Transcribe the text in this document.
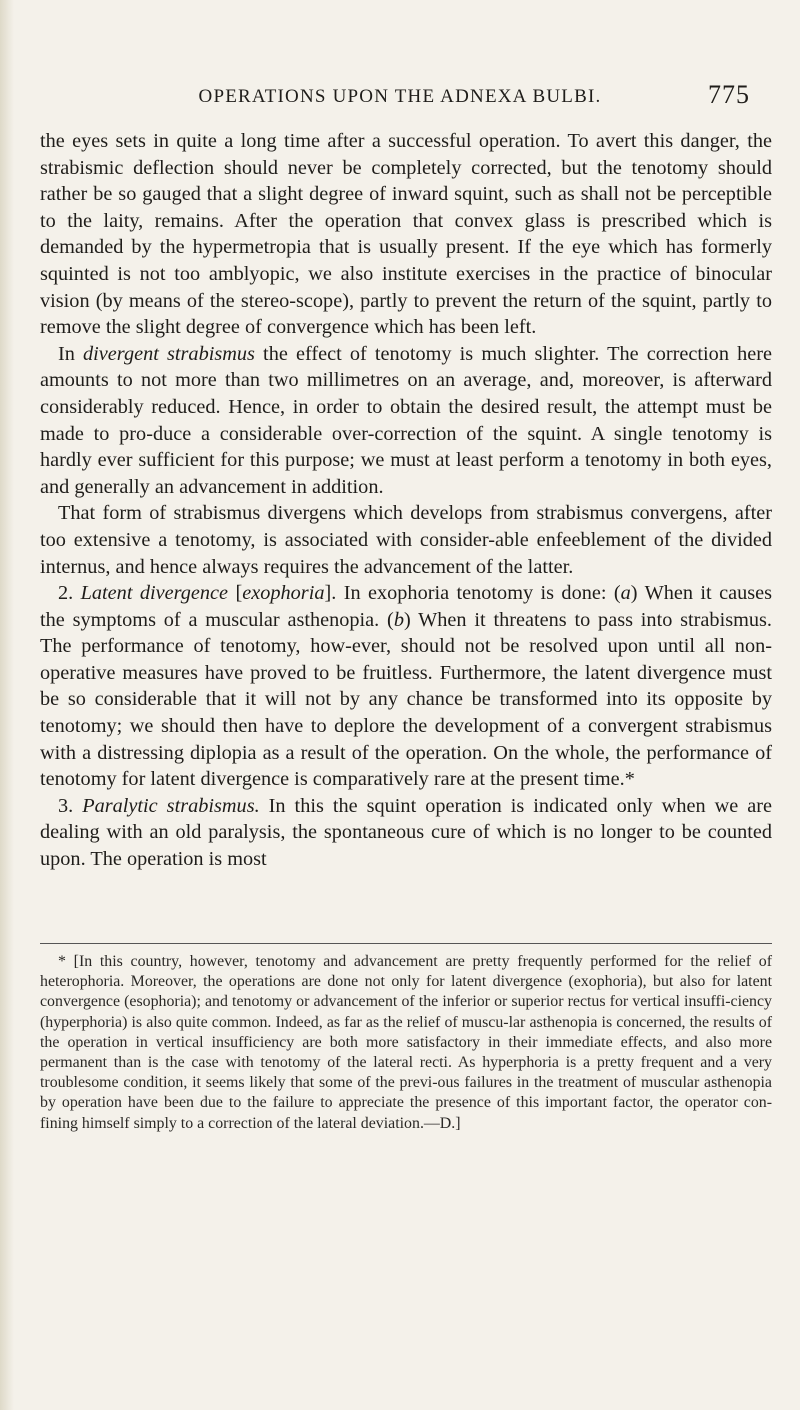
OPERATIONS UPON THE ADNEXA BULBI.	775

the eyes sets in quite a long time after a successful operation. To avert this danger, the strabismic deflection should never be completely corrected, but the tenotomy should rather be so gauged that a slight degree of inward squint, such as shall not be perceptible to the laity, remains. After the operation that convex glass is prescribed which is demanded by the hypermetropia that is usually present. If the eye which has formerly squinted is not too amblyopic, we also institute exercises in the practice of binocular vision (by means of the stereo-scope), partly to prevent the return of the squint, partly to remove the slight degree of convergence which has been left.

In divergent strabismus the effect of tenotomy is much slighter. The correction here amounts to not more than two millimetres on an average, and, moreover, is afterward considerably reduced. Hence, in order to obtain the desired result, the attempt must be made to pro-duce a considerable over-correction of the squint. A single tenotomy is hardly ever sufficient for this purpose; we must at least perform a tenotomy in both eyes, and generally an advancement in addition.

That form of strabismus divergens which develops from strabismus convergens, after too extensive a tenotomy, is associated with consider-able enfeeblement of the divided internus, and hence always requires the advancement of the latter.

2. Latent divergence [exophoria]. In exophoria tenotomy is done: (a) When it causes the symptoms of a muscular asthenopia. (b) When it threatens to pass into strabismus. The performance of tenotomy, how-ever, should not be resolved upon until all non-operative measures have proved to be fruitless. Furthermore, the latent divergence must be so considerable that it will not by any chance be transformed into its opposite by tenotomy; we should then have to deplore the development of a convergent strabismus with a distressing diplopia as a result of the operation. On the whole, the performance of tenotomy for latent divergence is comparatively rare at the present time.*

3. Paralytic strabismus. In this the squint operation is indicated only when we are dealing with an old paralysis, the spontaneous cure of which is no longer to be counted upon. The operation is most

* [In this country, however, tenotomy and advancement are pretty frequently performed for the relief of heterophoria. Moreover, the operations are done not only for latent divergence (exophoria), but also for latent convergence (esophoria); and tenotomy or advancement of the inferior or superior rectus for vertical insuffi-ciency (hyperphoria) is also quite common. Indeed, as far as the relief of muscu-lar asthenopia is concerned, the results of the operation in vertical insufficiency are both more satisfactory in their immediate effects, and also more permanent than is the case with tenotomy of the lateral recti. As hyperphoria is a pretty frequent and a very troublesome condition, it seems likely that some of the previ-ous failures in the treatment of muscular asthenopia by operation have been due to the failure to appreciate the presence of this important factor, the operator con-fining himself simply to a correction of the lateral deviation.—D.]
